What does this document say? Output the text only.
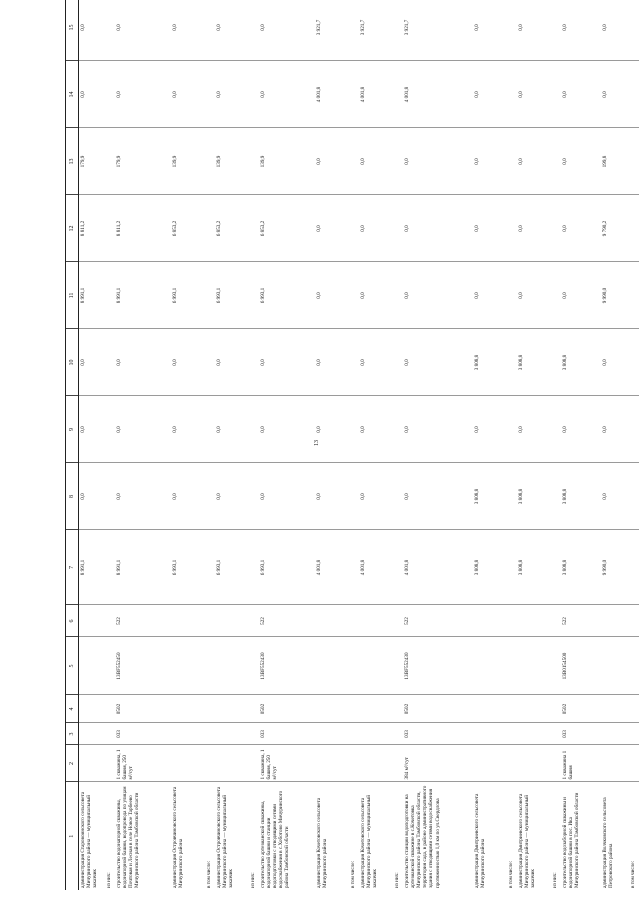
13
1	2	3	4	5	6	7	8	9	10	11	12	13	14	15	
администрация Старовоинского сельсовета Мичуринского района — муниципальный заказчик						8 991,1	0,0	0,0	0,0	8 991,1	8 811,2	179,9	0,0	0,0	
из них:															
строительство водонапорной скважины, водонапорной башни, водопровода по улицам Почтовая и Лесная в селе Новое Тарбеево Мичуринского района Тамбовской области	1 скважина, 1 башня, 250 м³/сут	033	0502	13ВF552450	522	8 991,1	0,0	0,0	0,0	8 991,1	8 811,2	179,9	0,0	0,0	
администрация Островчиновского сельсовета Мичуринского района						6 993,1	0,0	0,0	0,0	6 993,1	6 853,2	139,9	0,0	0,0	
в том числе:															
администрация Островчиновского сельсовета Мичуринского района — муниципальный заказчик						6 993,1	0,0	0,0	0,0	6 993,1	6 853,2	139,9	0,0	0,0	
из них:															
строительство артезианской скважины, водонапорной башни и станции водоподготовки с отводящими сетями водоснабжения в с.Хоботово Мичуринского района Тамбовской области	1 скважина, 1 башня, 250 м³/сут	033	0502	13ВF552430	522	6 993,1	0,0	0,0	0,0	6 993,1	6 853,2	139,9	0,0	0,0	
администрация Кочетовского сельсовета Мичуринского района						4 001,8	0,0	0,0	0,0	0,0	0,0	0,0	4 001,8	3 921,7	
в том числе:															
администрация Кочетовского сельсовета Мичуринского района — муниципальный заказчик						4 001,8	0,0	0,0	0,0	0,0	0,0	0,0	4 001,8	3 921,7	
из них:															
строительство станции водоподготовки на артезианской скважине в с.Кочетовка Мичуринского района Тамбовской области, территория сада, в районе административного здания с отводящими сетями водоснабжения протяженностью 1,0 км по ул.Свердлова	384 м³/сут	033	0502	13ВF552430	522	4 001,8	0,0	0,0	0,0	0,0	0,0	0,0	4 001,8	3 921,7	
администрация Дмитриевского сельсовета Мичуринского района						3 808,8	3 808,8	0,0	3 808,8	0,0	0,0	0,0	0,0	0,0	
в том числе:															
администрация Дмитриевского сельсовета Мичуринского района — муниципальный заказчик						3 808,8	3 808,8	0,0	3 808,8	0,0	0,0	0,0	0,0	0,0	
из них:															
строительство водозаборной скважины и водонапорной башни в пос. Ика Мичуринского района Тамбовской области	1 скважина 1 башня	033	0502	13В0154500	522	3 808,8	3 808,8	0,0	3 808,8	0,0	0,0	0,0	0,0	0,0	
администрация Волчковского сельсовета Петровского района						9 990,0	0,0	0,0	0,0	9 990,0	9 790,2	199,8	0,0	0,0	
в том числе:															
